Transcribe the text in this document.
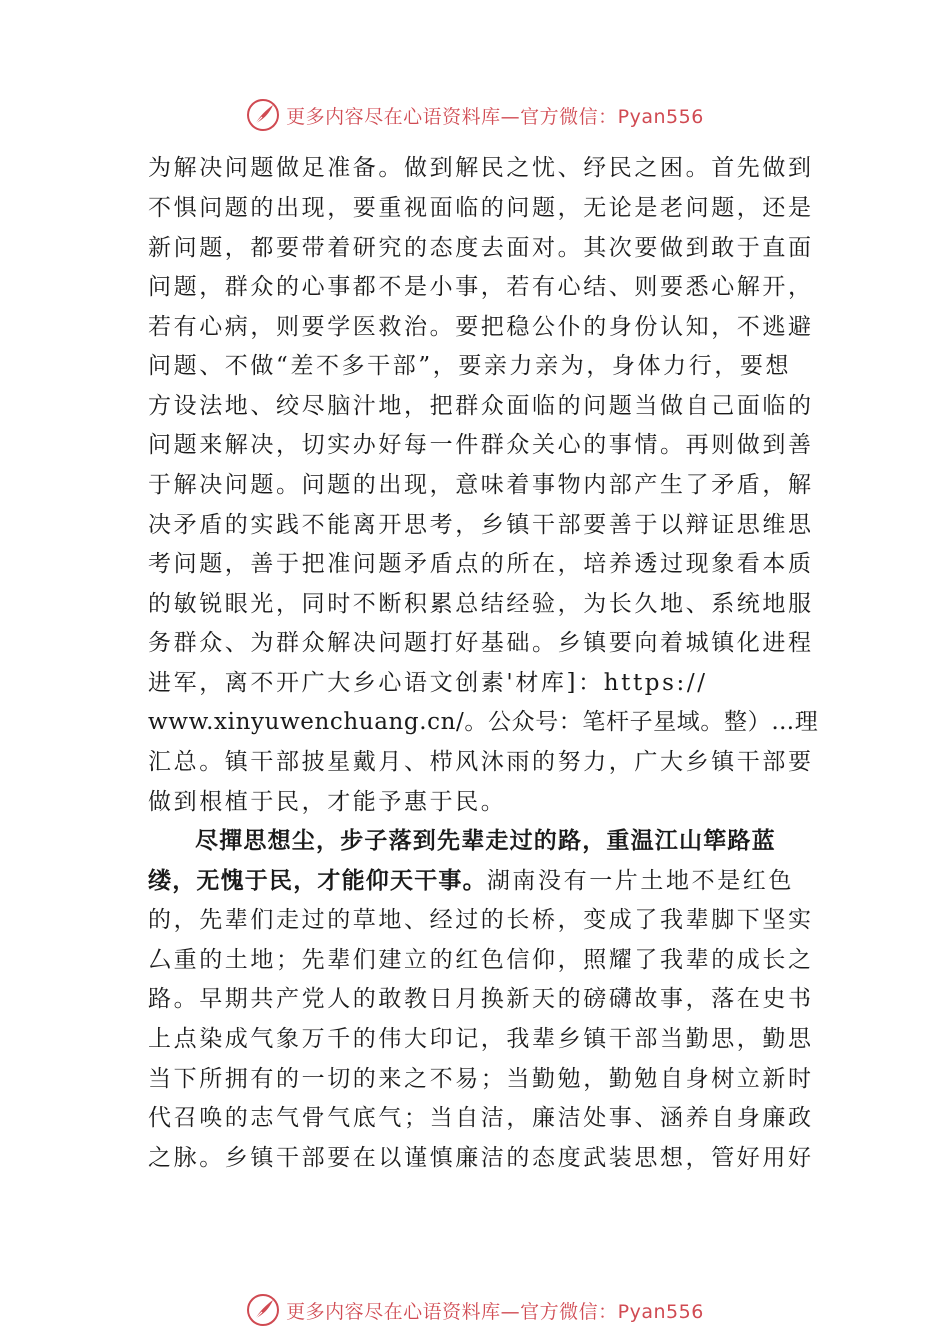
更多内容尽在心语资料库—官方微信：Pyan556
为解决问题做足准备。做到解民之忧、纾民之困。首先做到
不惧问题的出现，要重视面临的问题，无论是老问题，还是
新问题，都要带着研究的态度去面对。其次要做到敢于直面
问题，群众的心事都不是小事，若有心结、则要悉心解开，
若有心病，则要学医救治。要把稳公仆的身份认知，不逃避
问题、不做“差不多干部”，要亲力亲为，身体力行，要想
方设法地、绞尽脑汁地，把群众面临的问题当做自己面临的
问题来解决，切实办好每一件群众关心的事情。再则做到善
于解决问题。问题的出现，意味着事物内部产生了矛盾，解
决矛盾的实践不能离开思考，乡镇干部要善于以辩证思维思
考问题，善于把准问题矛盾点的所在，培养透过现象看本质
的敏锐眼光，同时不断积累总结经验，为长久地、系统地服
务群众、为群众解决问题打好基础。乡镇要向着城镇化进程
进军，离不开广大乡心语文创素'材库]：https://
www.xinyuwenchuang.cn/。公众号：笔杆子星域。整）…理
汇总。镇干部披星戴月、栉风沐雨的努力，广大乡镇干部要
做到根植于民，才能予惠于民。
尽撣思想尘，步子落到先辈走过的路，重温江山筚路蓝
缕，无愧于民，才能仰天干事。湖南没有一片土地不是红色
的，先辈们走过的草地、经过的长桥，变成了我辈脚下坚实
厶重的土地；先辈们建立的红色信仰，照耀了我辈的成长之
路。早期共产党人的敢教日月换新天的磅礴故事，落在史书
上点染成气象万千的伟大印记，我辈乡镇干部当勤思，勤思
当下所拥有的一切的来之不易；当勤勉，勤勉自身树立新时
代召唤的志气骨气底气；当自洁，廉洁处事、涵养自身廉政
之脉。乡镇干部要在以谨慎廉洁的态度武装思想，管好用好
更多内容尽在心语资料库—官方微信：Pyan556
